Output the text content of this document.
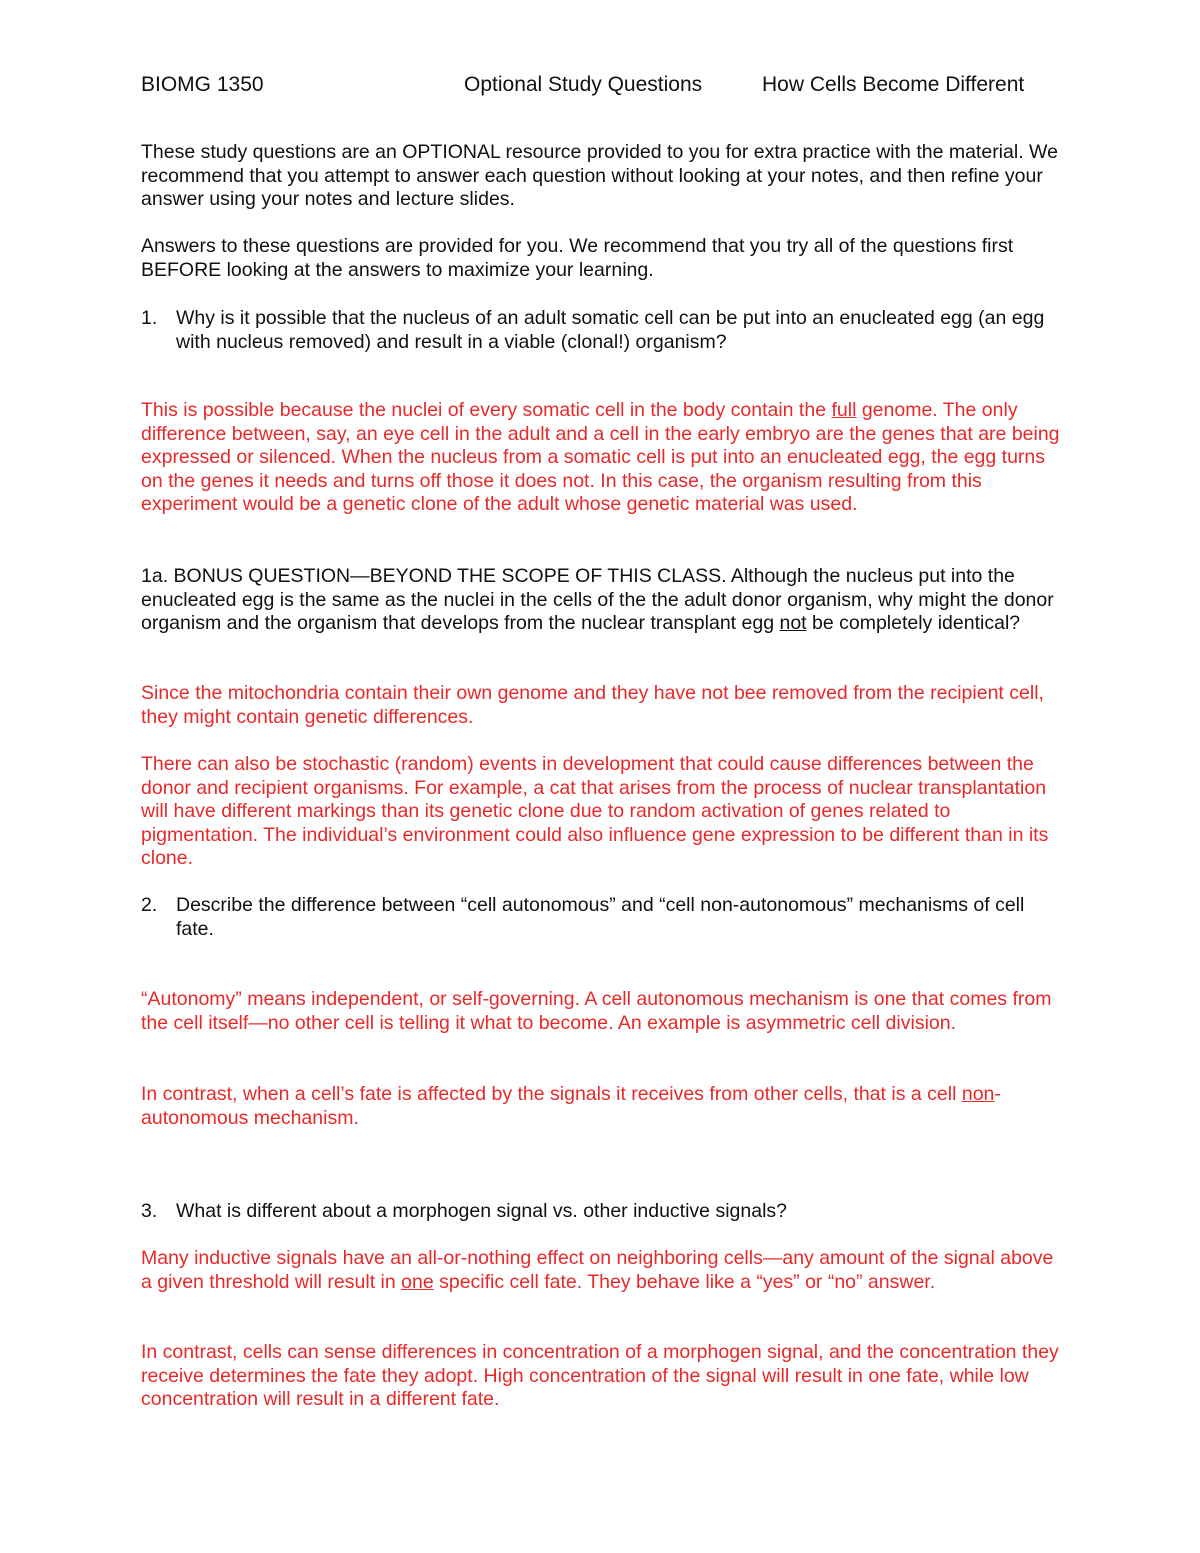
BIOMG 1350	Optional Study Questions	How Cells Become Different

These study questions are an OPTIONAL resource provided to you for extra practice with the material. We recommend that you attempt to answer each question without looking at your notes, and then refine your answer using your notes and lecture slides.

Answers to these questions are provided for you. We recommend that you try all of the questions first BEFORE looking at the answers to maximize your learning.

1. Why is it possible that the nucleus of an adult somatic cell can be put into an enucleated egg (an egg with nucleus removed) and result in a viable (clonal!) organism?

This is possible because the nuclei of every somatic cell in the body contain the full genome. The only difference between, say, an eye cell in the adult and a cell in the early embryo are the genes that are being expressed or silenced. When the nucleus from a somatic cell is put into an enucleated egg, the egg turns on the genes it needs and turns off those it does not. In this case, the organism resulting from this experiment would be a genetic clone of the adult whose genetic material was used.

1a. BONUS QUESTION—BEYOND THE SCOPE OF THIS CLASS. Although the nucleus put into the enucleated egg is the same as the nuclei in the cells of the the adult donor organism, why might the donor organism and the organism that develops from the nuclear transplant egg not be completely identical?

Since the mitochondria contain their own genome and they have not bee removed from the recipient cell, they might contain genetic differences.

There can also be stochastic (random) events in development that could cause differences between the donor and recipient organisms. For example, a cat that arises from the process of nuclear transplantation will have different markings than its genetic clone due to random activation of genes related to pigmentation. The individual’s environment could also influence gene expression to be different than in its clone.

2. Describe the difference between “cell autonomous” and “cell non-autonomous” mechanisms of cell fate.

“Autonomy” means independent, or self-governing. A cell autonomous mechanism is one that comes from the cell itself—no other cell is telling it what to become. An example is asymmetric cell division.

In contrast, when a cell’s fate is affected by the signals it receives from other cells, that is a cell non-autonomous mechanism.

3. What is different about a morphogen signal vs. other inductive signals?

Many inductive signals have an all-or-nothing effect on neighboring cells—any amount of the signal above a given threshold will result in one specific cell fate. They behave like a “yes” or “no” answer.

In contrast, cells can sense differences in concentration of a morphogen signal, and the concentration they receive determines the fate they adopt. High concentration of the signal will result in one fate, while low concentration will result in a different fate.
